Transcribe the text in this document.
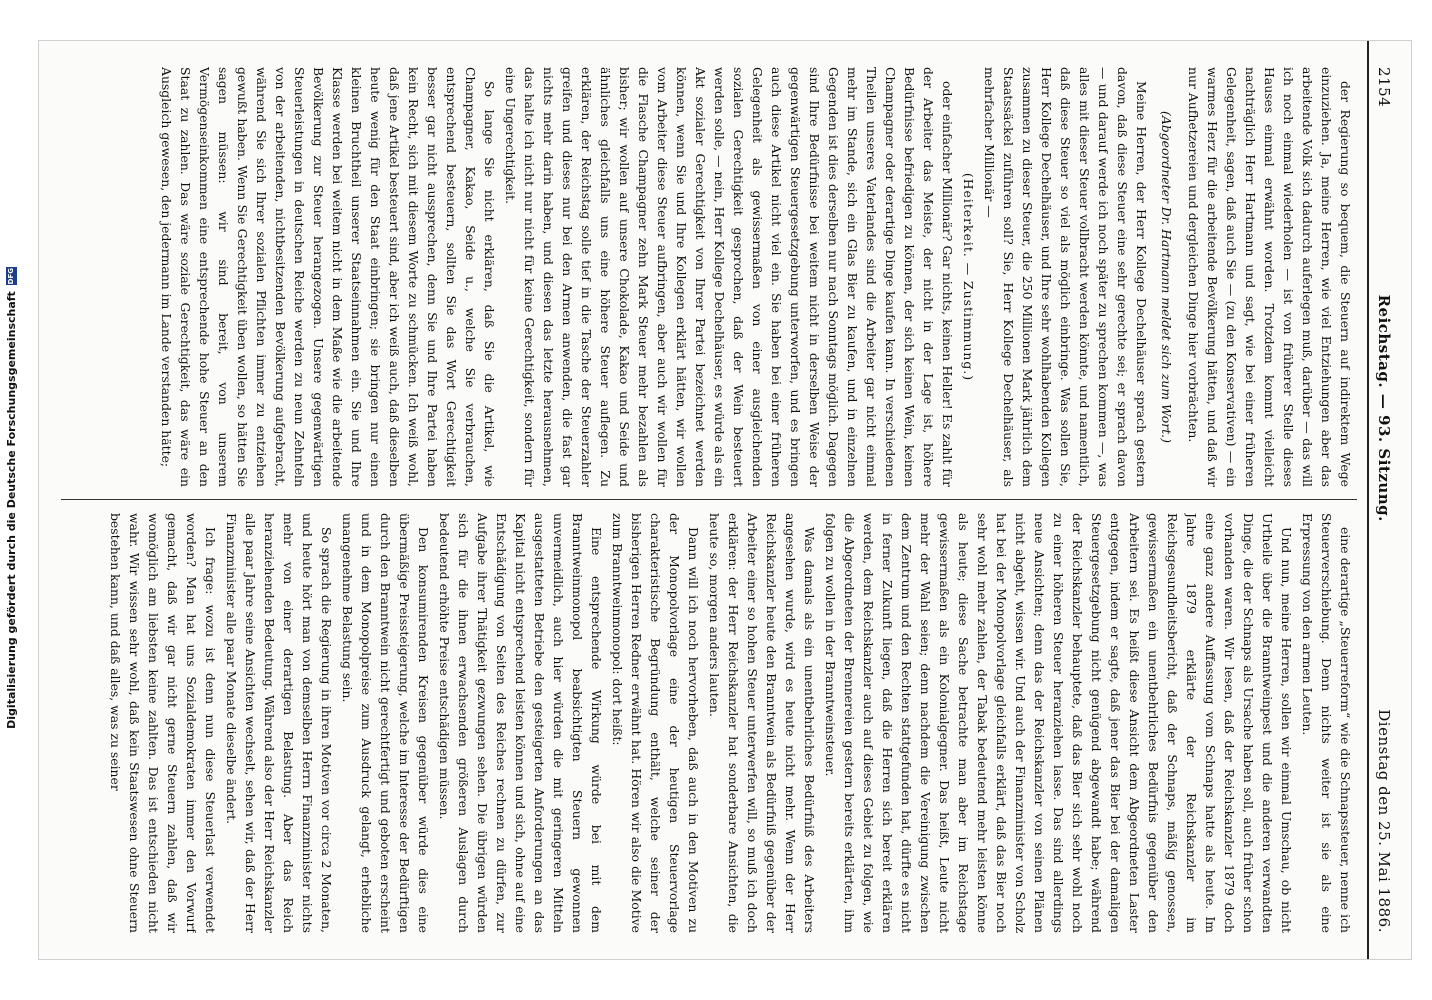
Digitalisierung gefördert durch die Deutsche Forschungsgemeinschaft
DFG
2154
Reichstag. — 93. Sitzung.
Dienstag den 25. Mai 1886.

der Regierung so bequem, die Steuern auf indirektem Wege einzuziehen. Ja, meine Herren, wie viel Entziehungen aber das arbeitende Volk sich dadurch auferlegen muß, darüber — das will ich noch einmal wiederholen — ist von früherer Stelle dieses Hauses einmal erwähnt worden. Trotzdem kommt vielleicht nachträglich Herr Hartmann und sagt, wie bei einer früheren Gelegenheit, sagen, daß auch Sie — (zu den Konservativen) — ein warmes Herz für die arbeitende Bevölkerung hätten, und daß wir nur Aufhetzereien und dergleichen Dinge hier vorbrächten.

(Abgeordneter Dr. Hartmann meldet sich zum Wort.)

Meine Herren, der Herr Kollege Dechelhäuser sprach gestern davon, daß diese Steuer eine sehr gerechte sei; er sprach davon — und darauf werde ich noch später zu sprechen kommen —, was alles mit dieser Steuer vollbracht werden könnte, und namentlich, daß diese Steuer so viel als möglich einbringe. Was sollen Sie, Herr Kollege Dechelhäuser, und Ihre sehr wohlhabenden Kollegen zusammen zu dieser Steuer, die 250 Millionen Mark jährlich dem Staatssäckel zuführen soll? Sie, Herr Kollege Dechelhäuser, als mehrfacher Millionär —

(Heiterkeit. — Zustimmung.)

oder einfacher Millionär? Gar nichts, keinen Heller! Es zahlt für der Arbeiter das Meiste, der nicht in der Lage ist, höhere Bedürfnisse befriedigen zu können, der sich keinen Wein, keinen Champagner oder derartige Dinge kaufen kann. In verschiedenen Theilen unseres Vaterlandes sind die Arbeiter gar nicht einmal mehr im Stande, sich ein Glas Bier zu kaufen, und in einzelnen Gegenden ist dies derselben nur nach Sonntags möglich. Dagegen sind Ihre Bedürfnisse bei weitem nicht in derselben Weise der gegenwärtigen Steuergesetzgebung unterworfen, und es bringen auch diese Artikel nicht viel ein. Sie haben bei einer früheren Gelegenheit als gewissermaßen von einer ausgleichenden sozialen Gerechtigkeit gesprochen, daß der Wein besteuert werden solle, — nein, Herr Kollege Dechelhäuser, es würde als ein Akt sozialer Gerechtigkeit von Ihrer Partei bezeichnet werden können, wenn Sie und Ihre Kollegen erklärt hätten, wir wollen vom Arbeiter diese Steuer aufbringen, aber auch wir wollen für die Flasche Champagner zehn Mark Steuer mehr bezahlen als bisher; wir wollen auf unsere Chokolade, Kakao und Seide und ähnliches gleichfalls uns eine höhere Steuer auflegen. Zu erklären, der Reichstag solle tief in die Tasche der Steuerzahler greifen und dieses nur bei den Armen anwenden, die fast gar nichts mehr darin haben, und diesen das letzte herausnehmen, das halte ich nicht nur nicht für keine Gerechtigkeit, sondern für eine Ungerechtigkeit.

So lange Sie nicht erklären, daß Sie die Artikel, wie Champagner, Kakao, Seide u., welche Sie verbrauchen, entsprechend besteuern, sollten Sie das Wort Gerechtigkeit besser gar nicht aussprechen, denn Sie und Ihre Partei haben kein Recht, sich mit diesem Worte zu schmücken. Ich weiß wohl, daß jene Artikel besteuert sind, aber ich weiß auch, daß dieselben heute wenig für den Staat einbringen; sie bringen nur einen kleinen Bruchtheil unserer Staatseinnahmen ein. Sie und Ihre Klasse werden bei weitem nicht in dem Maße wie die arbeitende Bevölkerung zur Steuer herangezogen. Unsere gegenwärtigen Steuerleistungen in deutschen Reiche werden zu neun Zehnteln von der arbeitenden, nichtbesitzenden Bevölkerung aufgebracht, während Sie sich Ihrer sozialen Pflichten immer zu entziehen gewußt haben. Wenn Sie Gerechtigkeit üben wollen, so hätten Sie sagen müssen: wir sind bereit, von unserem Vermögenseinkommen eine entsprechende hohe Steuer an den Staat zu zahlen. Das wäre soziale Gerechtigkeit, das wäre ein Ausgleich gewesen, den jedermann im Lande verstanden hätte;

eine derartige „Steuerreform“ wie die Schnapssteuer, nenne ich Steuerverschiebung. Denn nichts weiter ist sie als eine Erpressung von den armen Leuten.

Und nun, meine Herren, sollen wir einmal Umschau, ob nicht Urtheile über die Branntweinpest und die anderen verwandten Dinge, die der Schnaps als Ursache haben soll, auch früher schon vorhanden waren. Wir lesen, daß der Reichskanzler 1879 doch eine ganz andere Auffassung vom Schnaps hatte als heute. Im Jahre 1879 erklärte der Reichskanzler im Reichsgesundheitsbericht, daß der Schnaps, mäßig genossen, gewissermaßen ein unentbehrliches Bedürfnis gegenüber den Arbeitern sei. Es heißt diese Ansicht dem Abgeordneten Laster entgegen, indem er sagte, daß jener das Bier bei der damaligen Steuergesetzgebung nicht genügend abgewandt habe; während der Reichskanzler behauptete, daß das Bier sich sehr wohl noch zu einer höheren Steuer heranziehen lasse. Das sind allerdings neue Ansichten; denn das der Reichskanzler von seinen Plänen nicht abgeht, wissen wir. Und auch der Finanzminister von Scholz hat bei der Monopolvorlage gleichfalls erklärt, daß das Bier noch sehr wohl mehr zahlen, der Tabak bedeutend mehr leisten könne als heute; diese Sache betrachte man aber im Reichstage gewissermaßen als ein Kolonialgegner. Das heißt, Leute nicht mehr der Wahl seien; denn nachdem die Vereinigung zwischen dem Zentrum und den Rechten stattgefunden hat, dürfte es nicht in ferner Zukunft liegen, daß die Herren sich bereit erklären werden, dem Reichskanzler auch auf dieses Gebiet zu folgen, wie die Abgeordneten der Brennereien gestern bereits erklärten, ihm folgen zu wollen in der Branntweinsteuer.

Was damals als ein unentbehrliches Bedürfniß des Arbeiters angesehen wurde, wird es heute nicht mehr. Wenn der Herr Reichskanzler heute den Branntwein als Bedürfniß gegenüber der Arbeiter einer so hohen Steuer unterwerfen will, so muß ich doch erklären: der Herr Reichskanzler hat sonderbare Ansichten, die heute so, morgen anders lauten.

Dann will ich noch hervorheben, daß auch in den Motiven zu der Monopolvorlage eine der heutigen Steuervorlage charakteristische Begründung enthält, welche seiner der bisherigen Herren Redner erwähnt hat. Hören wir also die Motive zum Branntweinmonopol: dort heißt:

Eine entsprechende Wirkung würde bei mit dem Branntweinmonopol beabsichtigten Steuern gewonnen unvermeidlich, auch hier würden die mit geringeren Mitteln ausgestatteten Betriebe den gesteigerten Anforderungen an das Kapital nicht entsprechend leisten können und sich, ohne auf eine Entschädigung von Seiten des Reiches rechnen zu dürfen, zur Aufgabe ihrer Thätigkeit gezwungen sehen. Die übrigen würden sich für die ihnen erwachsenden größeren Auslagen durch bedeutend erhöhte Preise entschädigen müssen.

Den konsumirenden Kreisen gegenüber würde dies eine übermäßige Preissteigerung, welche im Interesse der Bedürftigen durch den Branntwein nicht gerechtfertigt und geboten erscheint und in dem Monopolpreise zum Ausdruck gelangt, erhebliche unangenehme Belastung sein.

So sprach die Regierung in ihren Motiven vor circa 2 Monaten, und heute hört man von demselben Herrn Finanzminister nichts mehr von einer derartigen Belastung. Aber das Reich heranziehenden Bedeutung. Während also der Herr Reichskanzler alle paar Jahre seine Ansichten wechselt, sehen wir, daß der Herr Finanzminister alle paar Monate dieselbe ändert.

Ich frage: wozu ist denn nun diese Steuerlast verwendet worden? Man hat uns Sozialdemokraten immer den Vorwurf gemacht, daß wir gar nicht gerne Steuern zahlen, daß wir womöglich am liebsten keine zahlten. Das ist entschieden nicht wahr. Wir wissen sehr wohl, daß kein Staatswesen ohne Steuern bestehen kann, und daß alles, was zu seiner
